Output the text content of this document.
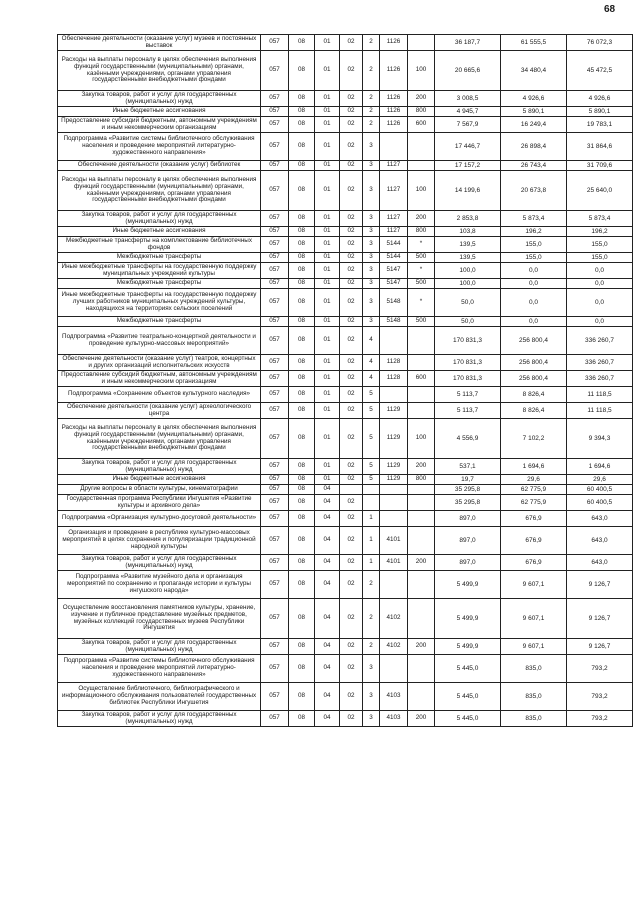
68
Обеспечение деятельности (оказание услуг) музеев и постоянных выставок	057	08	01	02	2	1126		36 187,7	61 555,5	76 072,3
Расходы на выплаты персоналу в целях обеспечения выполнения функций государственными (муниципальными) органами, казёнными учреждениями, органами управления государственными внебюджетными фондами	057	08	01	02	2	1126	100	20 665,6	34 480,4	45 472,5
Закупка товаров, работ и услуг для государственных (муниципальных) нужд	057	08	01	02	2	1126	200	3 008,5	4 926,6	4 926,6
Иные бюджетные ассигнования	057	08	01	02	2	1126	800	4 945,7	5 890,1	5 890,1
Предоставление субсидий бюджетным, автономным учреждениям и иным некоммерческим организациям	057	08	01	02	2	1126	600	7 567,9	16 249,4	19 783,1
Подпрограмма «Развитие системы библиотечного обслуживания населения и проведение мероприятий литературно-художественного направления»	057	08	01	02	3			17 446,7	26 898,4	31 864,6
Обеспечение деятельности (оказание услуг) библиотек	057	08	01	02	3	1127		17 157,2	26 743,4	31 709,6
Расходы на выплаты персоналу в целях обеспечения выполнения функций государственными (муниципальными) органами, казёнными учреждениями, органами управления государственными внебюджетными фондами	057	08	01	02	3	1127	100	14 199,6	20 673,8	25 640,0
Закупка товаров, работ и услуг для государственных (муниципальных) нужд	057	08	01	02	3	1127	200	2 853,8	5 873,4	5 873,4
Иные бюджетные ассигнования	057	08	01	02	3	1127	800	103,8	196,2	196,2
Межбюджетные трансферты на комплектование библиотечных фондов	057	08	01	02	3	5144	*	139,5	155,0	155,0
Межбюджетные трансферты	057	08	01	02	3	5144	500	139,5	155,0	155,0
Иные межбюджетные трансферты на государственную поддержку муниципальных учреждений культуры	057	08	01	02	3	5147	*	100,0	0,0	0,0
Межбюджетные трансферты	057	08	01	02	3	5147	500	100,0	0,0	0,0
Иные межбюджетные трансферты на государственную поддержку лучших работников муниципальных учреждений культуры, находящихся на территориях сельских поселений	057	08	01	02	3	5148	*	50,0	0,0	0,0
Межбюджетные трансферты	057	08	01	02	3	5148	500	50,0	0,0	0,0
Подпрограмма «Развитие театрально-концертной деятельности и проведение культурно-массовых мероприятий»	057	08	01	02	4			170 831,3	256 800,4	336 260,7
Обеспечение деятельности (оказание услуг) театров, концертных и других организаций исполнительских искусств	057	08	01	02	4	1128		170 831,3	256 800,4	336 260,7
Предоставление субсидий бюджетным, автономным учреждениям и иным некоммерческим организациям	057	08	01	02	4	1128	600	170 831,3	256 800,4	336 260,7
Подпрограмма «Сохранение объектов культурного наследия»	057	08	01	02	5			5 113,7	8 826,4	11 118,5
Обеспечение деятельности (оказание услуг) археологического центра	057	08	01	02	5	1129		5 113,7	8 826,4	11 118,5
Расходы на выплаты персоналу в целях обеспечения выполнения функций государственными (муниципальными) органами, казёнными учреждениями, органами управления государственными внебюджетными фондами	057	08	01	02	5	1129	100	4 556,9	7 102,2	9 394,3
Закупка товаров, работ и услуг для государственных (муниципальных) нужд	057	08	01	02	5	1129	200	537,1	1 694,6	1 694,6
Иные бюджетные ассигнования	057	08	01	02	5	1129	800	19,7	29,6	29,6
Другие вопросы в области культуры, кинематографии	057	08	04					35 295,8	62 775,9	60 400,5
Государственная программа Республики Ингушетия «Развитие культуры и архивного дела»	057	08	04	02				35 295,8	62 775,9	60 400,5
Подпрограмма «Организация культурно-досуговой деятельности»	057	08	04	02	1			897,0	676,9	643,0
Организация и проведение в республике культурно-массовых мероприятий в целях сохранения и популяризации традиционной народной культуры	057	08	04	02	1	4101		897,0	676,9	643,0
Закупка товаров, работ и услуг для государственных (муниципальных) нужд	057	08	04	02	1	4101	200	897,0	676,9	643,0
Подпрограмма «Развитие музейного дела и организация мероприятий по сохранению и пропаганде истории и культуры ингушского народа»	057	08	04	02	2			5 499,9	9 607,1	9 126,7
Осуществление восстановления памятников культуры, хранение, изучение и публичное представление музейных предметов, музейных коллекций государственных музеев Республики Ингушетия	057	08	04	02	2	4102		5 499,9	9 607,1	9 126,7
Закупка товаров, работ и услуг для государственных (муниципальных) нужд	057	08	04	02	2	4102	200	5 499,9	9 607,1	9 126,7
Подпрограмма «Развитие системы библиотечного обслуживания населения и проведение мероприятий литературно-художественного направления»	057	08	04	02	3			5 445,0	835,0	793,2
Осуществление библиотечного, библиографического и информационного обслуживания пользователей государственных библиотек Республики Ингушетия	057	08	04	02	3	4103		5 445,0	835,0	793,2
Закупка товаров, работ и услуг для государственных (муниципальных) нужд	057	08	04	02	3	4103	200	5 445,0	835,0	793,2
